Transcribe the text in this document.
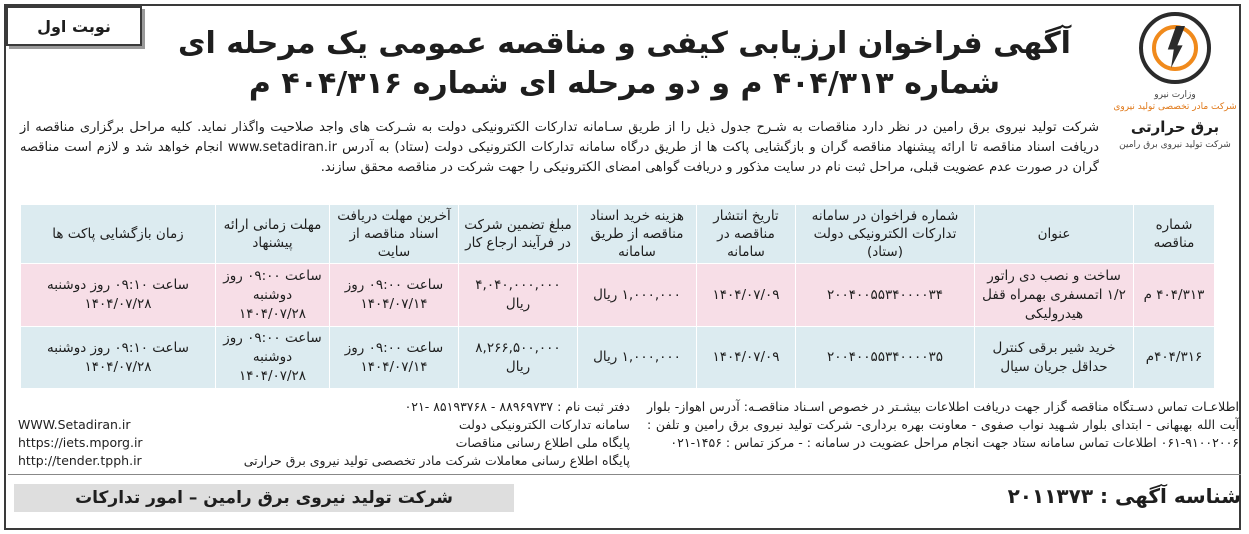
نوبت اول
وزارت نیرو
شرکت مادر تخصصی تولید نیروی
برق حرارتی
شرکت تولید نیروی برق رامین
آگهی فراخوان ارزیابی کیفی و مناقصه عمومی یک مرحله ای
شماره ۴۰۴/۳۱۳ م و دو مرحله ای شماره ۴۰۴/۳۱۶ م
شرکت تولید نیروی برق رامین در نظر دارد مناقصات به شـرح جدول ذیل را از طریق سـامانه تدارکات الکترونیکی دولت به شـرکت های واجد صلاحیت واگذار نماید. کلیه مراحل برگزاری مناقصه از دریافت اسناد مناقصه تا ارائه پیشنهاد مناقصه گران و بازگشایی پاکت ها از طریق درگاه سامانه تدارکات الکترونیکی دولت (ستاد) به آدرس www.setadiran.ir انجام خواهد شد و لازم است مناقصه گران در صورت عدم عضویت قبلی، مراحل ثبت نام در سایت مذکور و دریافت گواهی امضای الکترونیکی را جهت شرکت در مناقصه محقق سازند.
شماره مناقصه	عنوان	شماره فراخوان در سامانه تدارکات الکترونیکی دولت (ستاد)	تاریخ انتشار مناقصه در سامانه	هزینه خرید اسناد مناقصه از طریق سامانه	مبلغ تضمین شرکت در فرآیند ارجاع کار	آخرین مهلت دریافت اسناد مناقصه از سایت	مهلت زمانی ارائه پیشنهاد	زمان بازگشایی پاکت ها
۴۰۴/۳۱۳ م	ساخت و نصب دی راتور ۱/۲ اتمسفری بهمراه قفل هیدرولیکی	۲۰۰۴۰۰۵۵۳۴۰۰۰۰۳۴	۱۴۰۴/۰۷/۰۹	۱,۰۰۰,۰۰۰ ریال	۴,۰۴۰,۰۰۰,۰۰۰ ریال	ساعت ۰۹:۰۰ روز ۱۴۰۴/۰۷/۱۴	ساعت ۰۹:۰۰ روز دوشنبه ۱۴۰۴/۰۷/۲۸	ساعت ۰۹:۱۰ روز دوشنبه ۱۴۰۴/۰۷/۲۸
۴۰۴/۳۱۶م	خرید شیر برقی کنترل حداقل جریان سیال	۲۰۰۴۰۰۵۵۳۴۰۰۰۰۳۵	۱۴۰۴/۰۷/۰۹	۱,۰۰۰,۰۰۰ ریال	۸,۲۶۶,۵۰۰,۰۰۰ ریال	ساعت ۰۹:۰۰ روز ۱۴۰۴/۰۷/۱۴	ساعت ۰۹:۰۰ روز دوشنبه ۱۴۰۴/۰۷/۲۸	ساعت ۰۹:۱۰ روز دوشنبه ۱۴۰۴/۰۷/۲۸
اطلاعـات تماس دسـتگاه مناقصه گزار جهت دریافت اطلاعات بیشـتر در خصوص اسـناد مناقصـه: آدرس اهواز- بلوار آیت الله بهبهانی - ابتدای بلوار شـهید نواب صفوی - معاونت بهره برداری- شرکت تولید نیروی برق رامین و تلفن : ۹۱۰۰۲۰۰۶-۰۶۱ اطلاعات تماس سامانه ستاد جهت انجام مراحل عضویت در سامانه : - مرکز تماس : ۱۴۵۶-۰۲۱
دفتر ثبت نام : ۸۸۹۶۹۷۳۷ - ۸۵۱۹۳۷۶۸ -۰۲۱
سامانه تدارکات الکترونیکی دولت
پایگاه ملی اطلاع رسانی مناقصات
پایگاه اطلاع رسانی معاملات شرکت مادر تخصصی تولید نیروی برق حرارتی
WWW.Setadiran.ir
https://iets.mporg.ir
http://tender.tpph.ir
شناسه آگهی : ۲۰۱۱۳۷۳
شرکت تولید نیروی برق رامین – امور تدارکات
